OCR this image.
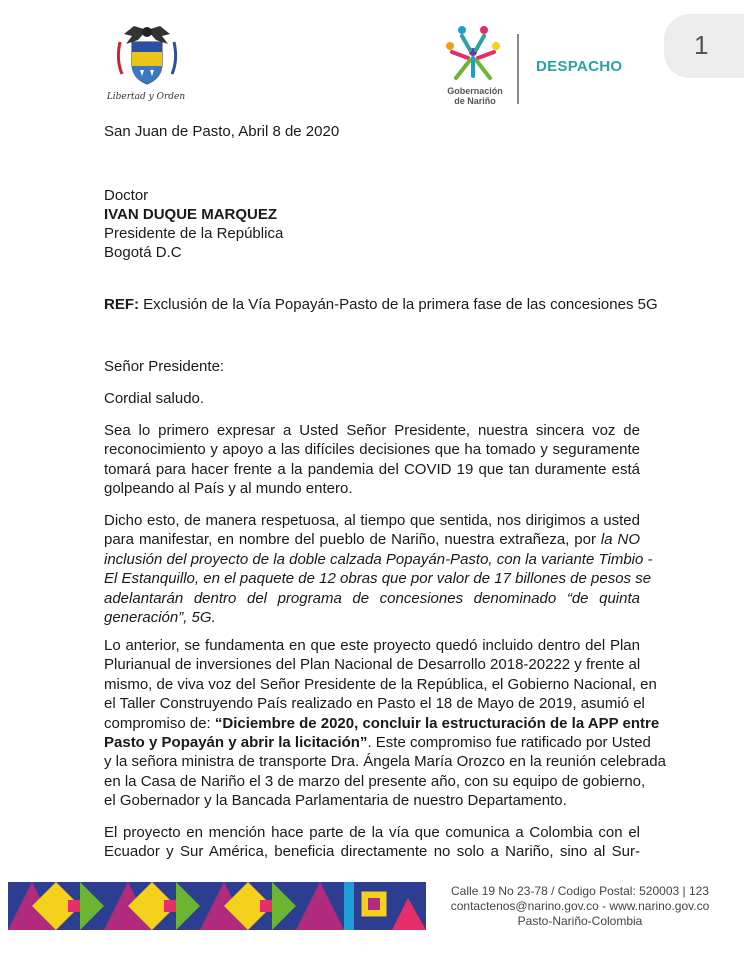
Libertad y Orden
Gobernación
de Nariño
DESPACHO
1
San Juan de Pasto, Abril 8 de 2020
Doctor
IVAN DUQUE MARQUEZ
Presidente de la República
Bogotá D.C
REF: Exclusión de la Vía Popayán-Pasto de la primera fase de las concesiones 5G
Señor Presidente:
Cordial saludo.
Sea lo primero expresar a Usted Señor Presidente, nuestra sincera voz de
reconocimiento y apoyo a las difíciles decisiones que ha tomado y seguramente
tomará para hacer frente a la pandemia del COVID 19 que tan duramente está
golpeando al País y al mundo entero.
Dicho esto, de manera respetuosa, al tiempo que sentida, nos dirigimos a usted
para manifestar, en nombre del pueblo de Nariño, nuestra extrañeza, por la NO
inclusión del proyecto de la doble calzada Popayán-Pasto, con la variante Timbio -
El Estanquillo, en el paquete de 12 obras que por valor de 17 billones de pesos se
adelantarán dentro del programa de concesiones denominado “de quinta
generación”, 5G.
Lo anterior, se fundamenta en que este proyecto quedó incluido dentro del Plan
Plurianual de inversiones del Plan Nacional de Desarrollo 2018-20222 y frente al
mismo, de viva voz del Señor Presidente de la República, el Gobierno Nacional, en
el Taller Construyendo País realizado en Pasto el 18 de Mayo de 2019, asumió el
compromiso de: “Diciembre de 2020, concluir la estructuración de la APP entre
Pasto y Popayán y abrir la licitación”. Este compromiso fue ratificado por Usted
y la señora ministra de transporte Dra. Ángela María Orozco en la reunión celebrada
en la Casa de Nariño el 3 de marzo del presente año, con su equipo de gobierno,
el Gobernador y la Bancada Parlamentaria de nuestro Departamento.
El proyecto en mención hace parte de la vía que comunica a Colombia con el
Ecuador y Sur América, beneficia directamente no solo a Nariño, sino al Sur-
Calle 19 No 23-78 / Codigo Postal: 520003 | 123
contactenos@narino.gov.co - www.narino.gov.co
Pasto-Nariño-Colombia
